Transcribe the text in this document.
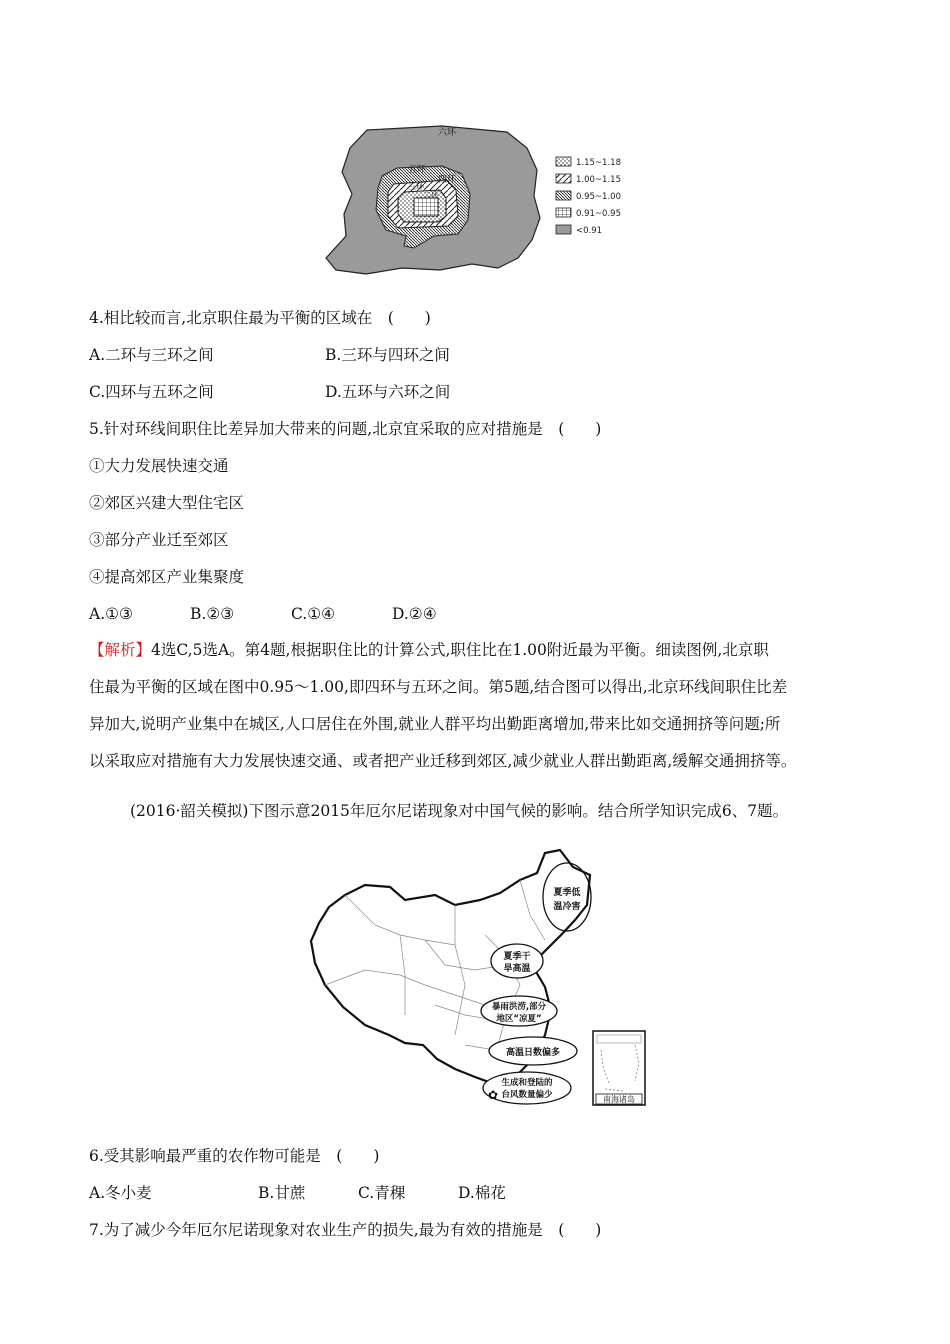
六环
五环
四环
三环
二环
1.15~1.18
1.00~1.15
0.95~1.00
0.91~0.95
<0.91
4.相比较而言,北京职住最为平衡的区域在　(　　)
A.二环与三环之间	B.三环与四环之间
C.四环与五环之间	D.五环与六环之间
5.针对环线间职住比差异加大带来的问题,北京宜采取的应对措施是　(　　)
①大力发展快速交通
②郊区兴建大型住宅区
③部分产业迁至郊区
④提高郊区产业集聚度
A.①③	B.②③	C.①④	D.②④
【解析】4选C,5选A。第4题,根据职住比的计算公式,职住比在1.00附近最为平衡。细读图例,北京职
住最为平衡的区域在图中0.95～1.00,即四环与五环之间。第5题,结合图可以得出,北京环线间职住比差
异加大,说明产业集中在城区,人口居住在外围,就业人群平均出勤距离增加,带来比如交通拥挤等问题;所
以采取应对措施有大力发展快速交通、或者把产业迁移到郊区,减少就业人群出勤距离,缓解交通拥挤等。
(2016·韶关模拟)下图示意2015年厄尔尼诺现象对中国气候的影响。结合所学知识完成6、7题。
夏季低
温冷害
夏季干
旱高温
暴雨洪涝,部分
地区“凉夏”
高温日数偏多
生成和登陆的
台风数量偏少
✿	南海诸岛
6.受其影响最严重的农作物可能是　(　　)
A.冬小麦	B.甘蔗	C.青稞	D.棉花
7.为了减少今年厄尔尼诺现象对农业生产的损失,最为有效的措施是　(　　)
